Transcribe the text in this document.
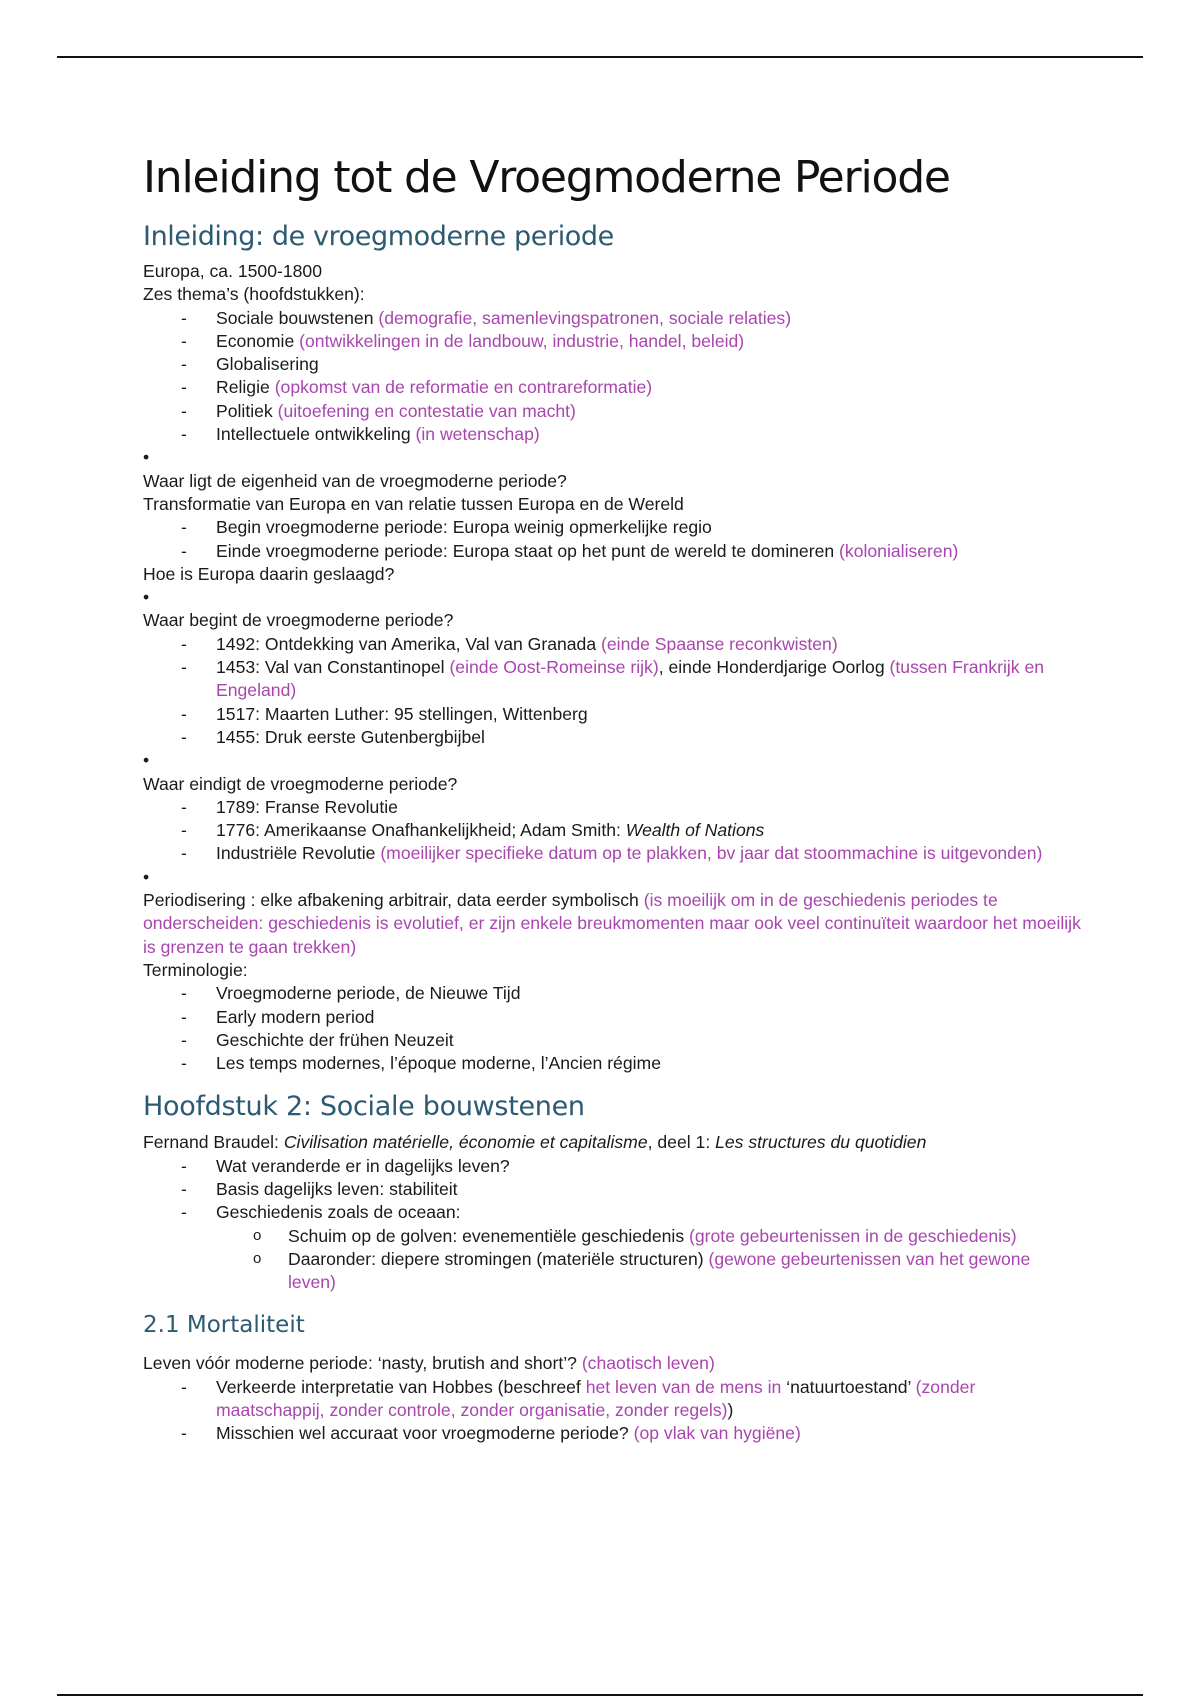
Inleiding tot de Vroegmoderne Periode
Inleiding: de vroegmoderne periode

Europa, ca. 1500-1800

Zes thema’s (hoofdstukken):

- Sociale bouwstenen (demografie, samenlevingspatronen, sociale relaties)
- Economie (ontwikkelingen in de landbouw, industrie, handel, beleid)
- Globalisering
- Religie (opkomst van de reformatie en contrareformatie)
- Politiek (uitoefening en contestatie van macht)
- Intellectuele ontwikkeling (in wetenschap)

•

Waar ligt de eigenheid van de vroegmoderne periode?

Transformatie van Europa en van relatie tussen Europa en de Wereld

- Begin vroegmoderne periode: Europa weinig opmerkelijke regio
- Einde vroegmoderne periode: Europa staat op het punt de wereld te domineren (kolonialiseren)

Hoe is Europa daarin geslaagd?

•

Waar begint de vroegmoderne periode?

- 1492: Ontdekking van Amerika, Val van Granada (einde Spaanse reconkwisten)
- 1453: Val van Constantinopel (einde Oost-Romeinse rijk), einde Honderdjarige Oorlog (tussen Frankrijk en Engeland)
- 1517: Maarten Luther: 95 stellingen, Wittenberg
- 1455: Druk eerste Gutenbergbijbel

•

Waar eindigt de vroegmoderne periode?

- 1789: Franse Revolutie
- 1776: Amerikaanse Onafhankelijkheid; Adam Smith: Wealth of Nations
- Industriële Revolutie (moeilijker specifieke datum op te plakken, bv jaar dat stoommachine is uitgevonden)

•

Periodisering : elke afbakening arbitrair, data eerder symbolisch (is moeilijk om in de geschiedenis periodes te onderscheiden: geschiedenis is evolutief, er zijn enkele breukmomenten maar ook veel continuïteit waardoor het moeilijk is grenzen te gaan trekken)

Terminologie:

- Vroegmoderne periode, de Nieuwe Tijd
- Early modern period
- Geschichte der frühen Neuzeit
- Les temps modernes, l’époque moderne, l’Ancien régime
Hoofdstuk 2: Sociale bouwstenen

Fernand Braudel: Civilisation matérielle, économie et capitalisme, deel 1: Les structures du quotidien

- Wat veranderde er in dagelijks leven?
- Basis dagelijks leven: stabiliteit
- Geschiedenis zoals de oceaan:
o Schuim op de golven: evenementiële geschiedenis (grote gebeurtenissen in de geschiedenis)
o Daaronder: diepere stromingen (materiële structuren) (gewone gebeurtenissen van het gewone leven)
2.1 Mortaliteit

Leven vóór moderne periode: ‘nasty, brutish and short’? (chaotisch leven)

- Verkeerde interpretatie van Hobbes (beschreef het leven van de mens in ‘natuurtoestand’ (zonder maatschappij, zonder controle, zonder organisatie, zonder regels))
- Misschien wel accuraat voor vroegmoderne periode? (op vlak van hygiëne)
